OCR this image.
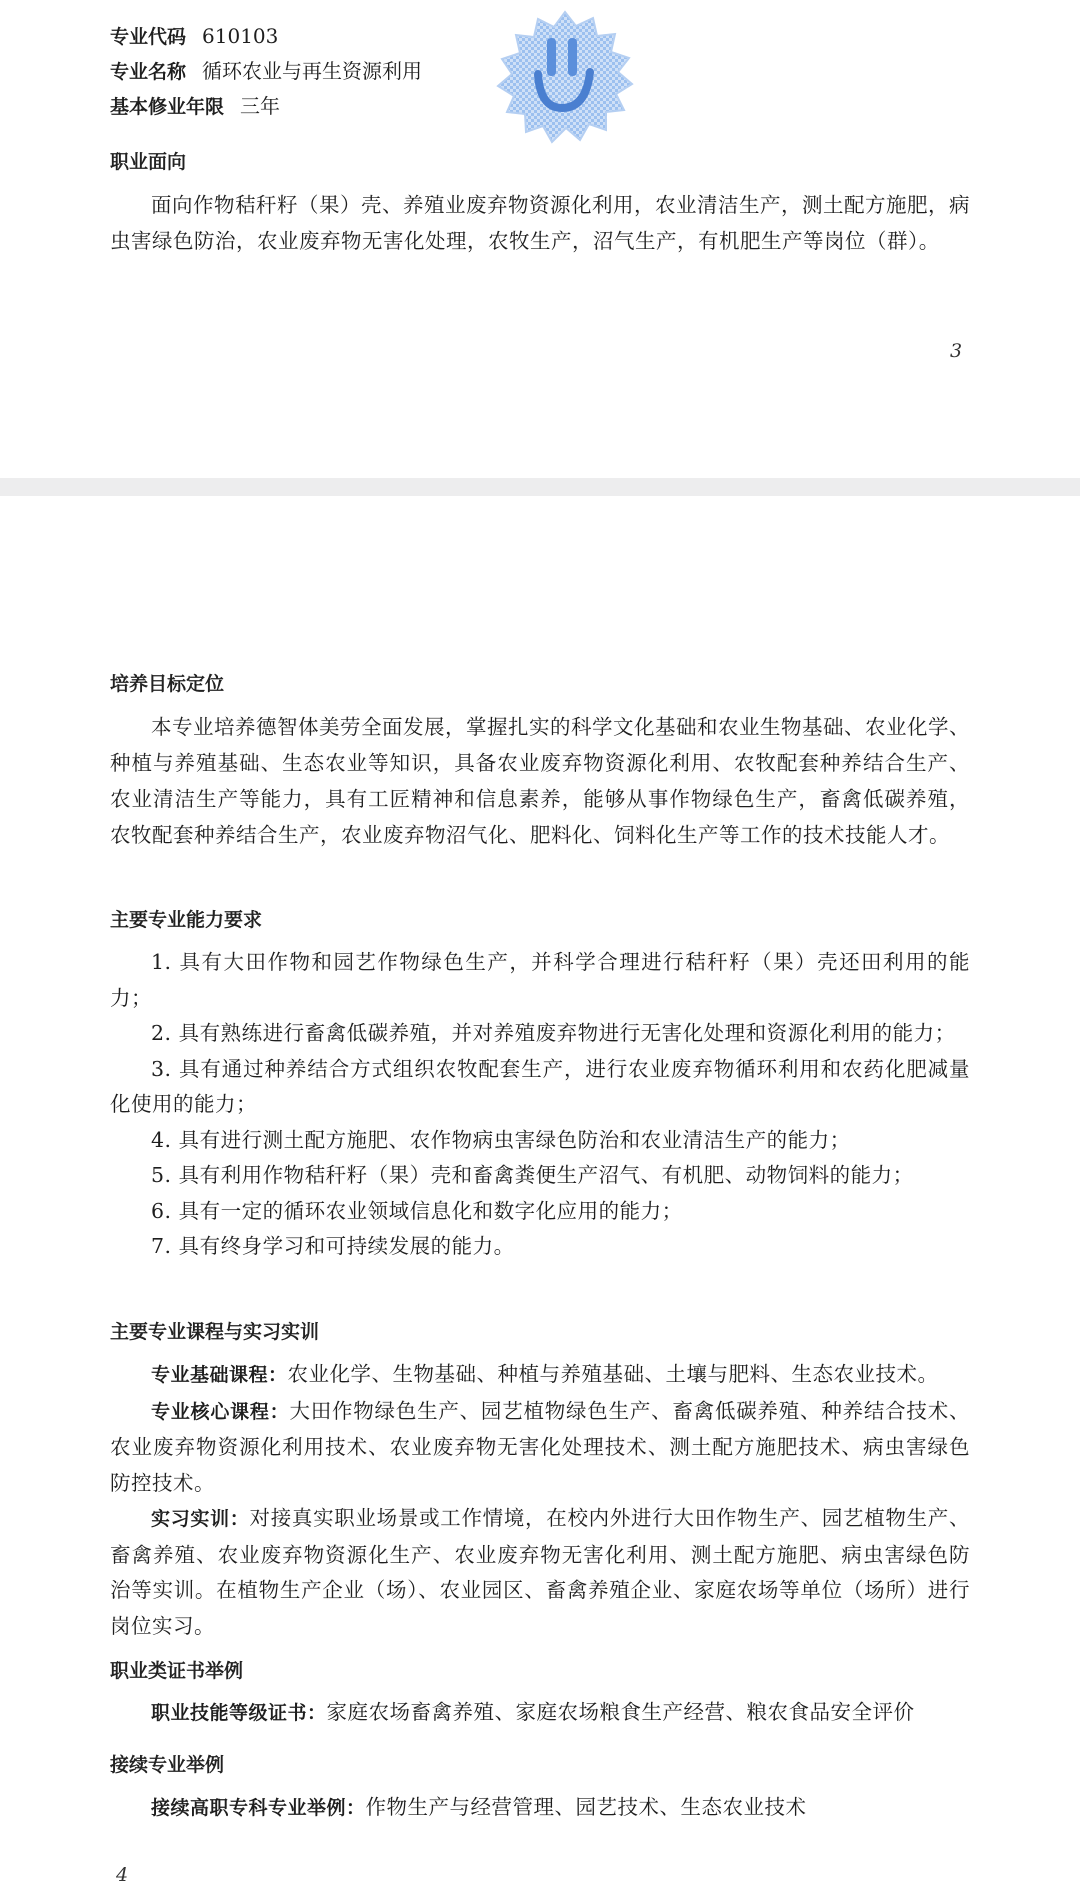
专业代码 610103
专业名称 循环农业与再生资源利用
基本修业年限 三年
职业面向

面向作物秸秆籽（果）壳、养殖业废弃物资源化利用，农业清洁生产，测土配方施肥，病虫害绿色防治，农业废弃物无害化处理，农牧生产，沼气生产，有机肥生产等岗位（群）。

3
培养目标定位

本专业培养德智体美劳全面发展，掌握扎实的科学文化基础和农业生物基础、农业化学、种植与养殖基础、生态农业等知识，具备农业废弃物资源化利用、农牧配套种养结合生产、农业清洁生产等能力，具有工匠精神和信息素养，能够从事作物绿色生产，畜禽低碳养殖，农牧配套种养结合生产，农业废弃物沼气化、肥料化、饲料化生产等工作的技术技能人才。

主要专业能力要求
1. 具有大田作物和园艺作物绿色生产，并科学合理进行秸秆籽（果）壳还田利用的能力；
2. 具有熟练进行畜禽低碳养殖，并对养殖废弃物进行无害化处理和资源化利用的能力；
3. 具有通过种养结合方式组织农牧配套生产，进行农业废弃物循环利用和农药化肥减量化使用的能力；
4. 具有进行测土配方施肥、农作物病虫害绿色防治和农业清洁生产的能力；
5. 具有利用作物秸秆籽（果）壳和畜禽粪便生产沼气、有机肥、动物饲料的能力；
6. 具有一定的循环农业领域信息化和数字化应用的能力；
7. 具有终身学习和可持续发展的能力。
主要专业课程与实习实训
专业基础课程：农业化学、生物基础、种植与养殖基础、土壤与肥料、生态农业技术。
专业核心课程：大田作物绿色生产、园艺植物绿色生产、畜禽低碳养殖、种养结合技术、农业废弃物资源化利用技术、农业废弃物无害化处理技术、测土配方施肥技术、病虫害绿色防控技术。
实习实训：对接真实职业场景或工作情境，在校内外进行大田作物生产、园艺植物生产、畜禽养殖、农业废弃物资源化生产、农业废弃物无害化利用、测土配方施肥、病虫害绿色防治等实训。在植物生产企业（场）、农业园区、畜禽养殖企业、家庭农场等单位（场所）进行岗位实习。
职业类证书举例
职业技能等级证书：家庭农场畜禽养殖、家庭农场粮食生产经营、粮农食品安全评价
接续专业举例
接续高职专科专业举例：作物生产与经营管理、园艺技术、生态农业技术
4
